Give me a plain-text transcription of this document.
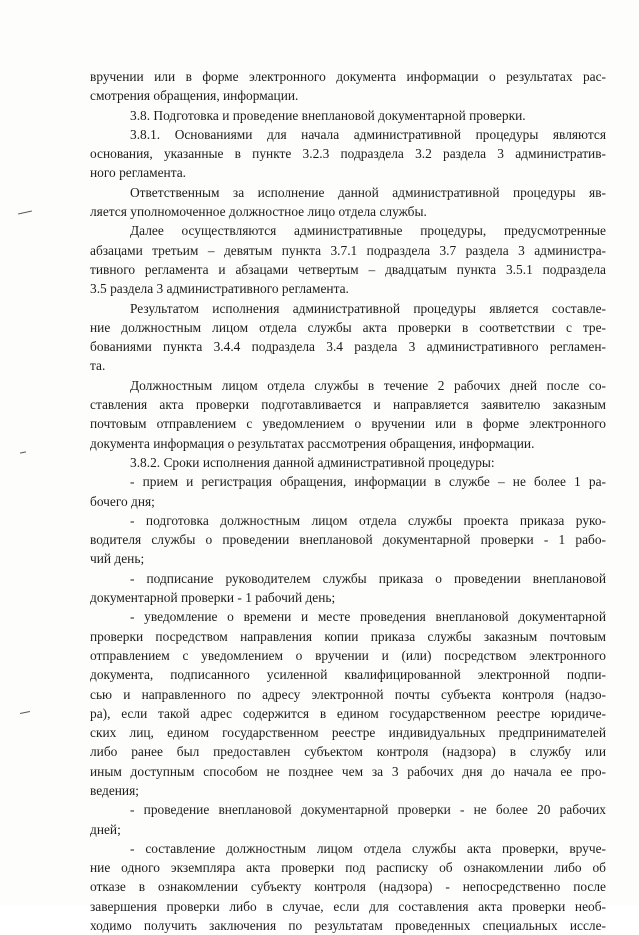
вручении или в форме электронного документа информации о результатах рас-
смотрения обращения, информации.
3.8. Подготовка и проведение внеплановой документарной проверки.
3.8.1. Основаниями для начала административной процедуры являются
основания, указанные в пункте 3.2.3 подраздела 3.2 раздела 3 административ-
ного регламента.
Ответственным за исполнение данной административной процедуры яв-
ляется уполномоченное должностное лицо отдела службы.
Далее осуществляются административные процедуры, предусмотренные
абзацами третьим – девятым пункта 3.7.1 подраздела 3.7 раздела 3 администра-
тивного регламента и абзацами четвертым – двадцатым пункта 3.5.1 подраздела
3.5 раздела 3 административного регламента.
Результатом исполнения административной процедуры является составле-
ние должностным лицом отдела службы акта проверки в соответствии с тре-
бованиями пункта 3.4.4 подраздела 3.4 раздела 3 административного регламен-
та.
Должностным лицом отдела службы в течение 2 рабочих дней после со-
ставления акта проверки подготавливается и направляется заявителю заказным
почтовым отправлением с уведомлением о вручении или в форме электронного
документа информация о результатах рассмотрения обращения, информации.
3.8.2. Сроки исполнения данной административной процедуры:
- прием и регистрация обращения, информации в службе – не более 1 ра-
бочего дня;
- подготовка должностным лицом отдела службы проекта приказа руко-
водителя службы о проведении внеплановой документарной проверки - 1 рабо-
чий день;
- подписание руководителем службы приказа о проведении внеплановой
документарной проверки - 1 рабочий день;
- уведомление о времени и месте проведения внеплановой документарной
проверки посредством направления копии приказа службы заказным почтовым
отправлением с уведомлением о вручении и (или) посредством электронного
документа, подписанного усиленной квалифицированной электронной подпи-
сью и направленного по адресу электронной почты субъекта контроля (надзо-
ра), если такой адрес содержится в едином государственном реестре юридиче-
ских лиц, едином государственном реестре индивидуальных предпринимателей
либо ранее был предоставлен субъектом контроля (надзора) в службу или
иным доступным способом не позднее чем за 3 рабочих дня до начала ее про-
ведения;
- проведение внеплановой документарной проверки - не более 20 рабочих
дней;
- составление должностным лицом отдела службы акта проверки, вруче-
ние одного экземпляра акта проверки под расписку об ознакомлении либо об
отказе в ознакомлении субъекту контроля (надзора) - непосредственно после
завершения проверки либо в случае, если для составления акта проверки необ-
ходимо получить заключения по результатам проведенных специальных иссле-
